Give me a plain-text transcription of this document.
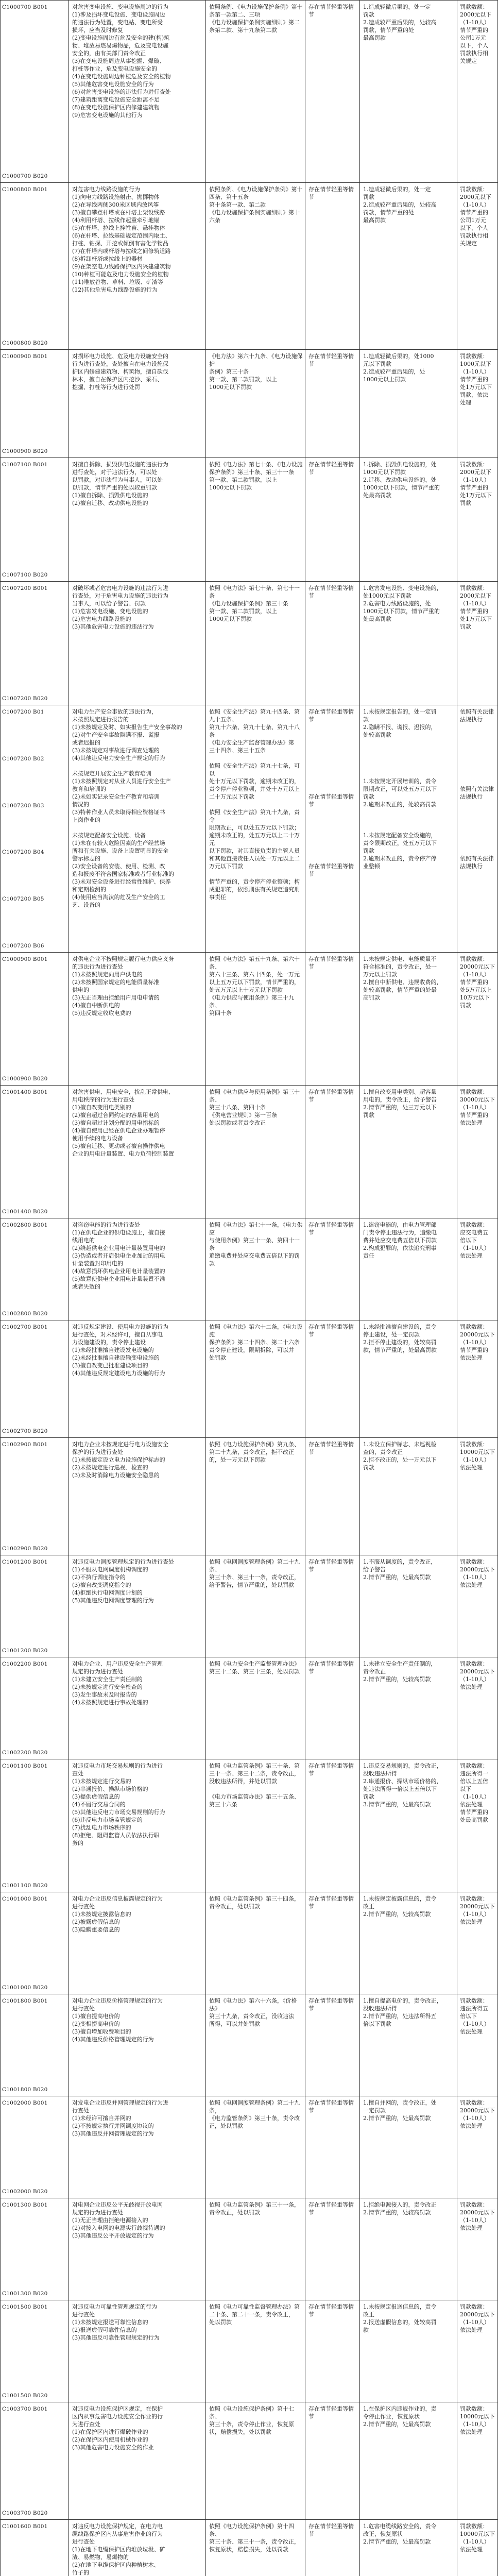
C1000700 B001
C1000700 B020
对危害变电设施、变电设施周边的行为
(1)涉及损坏变电设施、变电设施周边
的违法行为处置，变电站、变电所受
损坏，应当及时修复
(2)变电设施周边有危及安全的建(构)筑
物、堆放易燃易爆物品，危及变电设施
安全的，由有关部门责令改正
(3)在变电设施周边从事挖掘、爆破、
打桩等作业，危及变电设施安全的
(4)在变电设施周边种植危及安全的植物
(5)其他危害变电设施安全的行为
(6)对危害变电设施的违法行为进行查处
(7)建筑距离变电设施安全距离不足
(8)在变电设施保护区内修建建筑物
(9)危害变电设施的其他行为
依照条例、《电力设施保护条例》第十条第一款第二、三项
《电力设施保护条例实施细则》第二条第二款、第十九条第二款
存在情节轻重等情节
1.造成轻微后果的，处一定
罚款
2.造成较严重后果的，处较高
罚款，情节严重的处
最高罚款
罚款数额：
2000元以下
（1-10人）
情节严重的
公司1万元
以下，个人
罚款执行相
关规定
C1000800 B001
C1000800 B020
对危害电力线路设施的行为
(1)向电力线路设施射击、抛掷物体
(2)在导线两侧300米区域内放风筝
(3)擅自攀登杆塔或在杆塔上架设线路
(4)利用杆塔、拉线作起重牵引地锚
(5)在杆塔、拉线上拴牲畜、悬挂物体
(6)在杆塔、拉线基础规定范围内取土、
打桩、钻探、开挖或倾倒有害化学物品
(7)在杆塔内或杆塔与拉线之间修筑道路
(8)拆卸杆塔或拉线上的器材
(9)在架空电力线路保护区内兴建建筑物
(10)种植可能危及电力设施安全的植物
(11)堆放谷物、草料、垃圾、矿渣等
(12)其他危害电力线路设施的行为
依照条例、《电力设施保护条例》第十四条、第十五条
第十条第一款、第二款
《电力设施保护条例实施细则》第十六条
存在情节轻重等情节
1.造成轻微后果的，处一定
罚款
2.造成较严重后果的，处较高
罚款，情节严重的处
最高罚款
罚款数额：
2000元以下
（1-10人）
情节严重的
公司1万元
以下，个人
罚款执行相
关规定
C1000900 B001
C1000900 B020
对损坏电力设施、危及电力设施安全的
行为进行查处，查处擅自在电力设施保
护区内修建建筑物、构筑物，擅自砍伐
林木，擅自在保护区内挖沙、采石、
挖掘、打桩等行为进行处罚
《电力法》第六十九条、《电力设施保护
条例》第三十条
第一款、第二款罚款，以上
1000元以下罚款
存在情节轻重等情节
1.造成轻微后果的，处1000
元以下罚款
2.造成较严重后果的，处
1000元以上罚款
罚款数额：
1000元以下
（1-10人）
情节严重的
处1万元以下
罚款，依法
处理
C1007100 B001
C1007100 B020
对擅自拆除、损毁供电设施的违法行为
进行查处，对于违法行为，可以处
以罚款，对违法行为当事人，可以处
以罚款，情节严重的处以较重罚款
(1)擅自拆除、损毁供电设施的
(2)擅自迁移、改动供电设施的
依照《电力法》第七十条、《电力设施
保护条例》第三十条、第三十一条
第一款、第二款罚款，以上
1000元以下罚款
存在情节轻重等情节
1.拆除、损毁供电设施的，处
1000元以下罚款
2.迁移、改动供电设施的，处
1000元以下罚款，情节严重的
处最高罚款
罚款数额：
2000元以下
（1-10人）
情节严重的
处1万元以下
罚款
C1007200 B001
C1007200 B020
对破坏或者危害电力设施的违法行为进
行查处，对于危害电力设施的违法行为
当事人，可以给予警告、罚款
(1)危害发电设施、变电设施的
(2)危害电力线路设施的
(3)其他危害电力设施的违法行为
依照《电力法》第七十条、第七十一条
《电力设施保护条例》第三十条
第一款、第二款罚款，以上
1000元以下罚款
存在情节轻重等情节
1.危害发电设施、变电设施的，
处1000元以下罚款
2.危害电力线路设施的，处
1000元以下罚款，情节严重的
处最高罚款
罚款数额：
2000元以下
（1-10人）
情节严重的
处1万元以下
罚款
C1007200 B01
C1007200 B02
C1007200 B03
C1007200 B04
C1007200 B05
C1007200 B06
对电力生产安全事故的违法行为，
未按照规定进行报告的
(1)未按规定及时、如实报告生产安全事故的
(2)对生产安全事故隐瞒不报、谎报
或者迟报的
(3)未按规定对事故进行调查处理的
(4)其他违反电力安全生产规定的行为

未按规定开展安全生产教育培训
(1)未按照规定对从业人员进行安全生产
教育和培训的
(2)未如实记录安全生产教育和培训
情况的
(3)特种作业人员未取得相应资格证书
上岗作业的

未按规定配备安全设施、设备
(1)未在有较大危险因素的生产经营场
所和有关设施、设备上设置明显的安全
警示标志的
(2)安全设备的安装、使用、检测、改
造和报废不符合国家标准或者行业标准的
(3)未对安全设备进行经常性维护、保养
和定期检测的
(4)使用应当淘汰的危及生产安全的工
艺、设备的
依照《安全生产法》第九十四条、第九十五条、
第九十六条、第九十七条、第九十八条
《电力安全生产监督管理办法》第
三十四条、第三十五条

依照《安全生产法》第九十七条，可以
处十万元以下罚款，逾期未改正的，
责令停产停业整顿，并处十万元以上
二十万元以下罚款

依照《安全生产法》第九十九条，责令
限期改正，可以处五万元以下罚款；
逾期未改正的，处五万元以上二十万元
以下罚款，对其直接负责的主管人员
和其他直接责任人员处一万元以上二
万元以下罚款

情节严重的，责令停产停业整顿；构
成犯罪的，依照刑法有关规定追究刑
事责任
存在情节轻重等情节

存在情节轻重等情节

存在情节轻重等情节
1.未按规定报告的，处一定罚
款
2.隐瞒不报、谎报、迟报的，
处较高罚款

1.未按规定开展培训的，责令
限期改正，可以处五万元以下
罚款
2.逾期未改正的，处较高罚款

1.未按规定配备安全设施的，
责令限期改正，处五万元以下
罚款
2.逾期未改正的，责令停产停
业整顿
依照有关法律
法规执行

依照有关法律
法规执行

依照有关法律
法规执行
C1000900 B001
C1000900 B020
对供电企业不按照规定履行电力供应义务
的违法行为进行查处
(1)未按照规定向用户供电的
(2)未按照国家规定的电能质量标准
供电的
(3)无正当理由拒绝用户用电申请的
(4)擅自中断供电的
(5)违反规定收取电费的
依照《电力法》第五十九条、第六十条、
第六十三条、第六十四条，处一万元
以上五万元以下罚款，情节严重的，
处五万元以上十万元以下罚款
《电力供应与使用条例》第三十九条、
第四十条
存在情节轻重等情节
1.未按规定供电、电能质量不
符合标准的，责令改正，处一
万元以上罚款
2.擅自中断供电、违规收费的，
处较高罚款，情节严重的处最
高罚款
罚款数额：
20000元以下
（1-10人）
情节严重的
处5万元以上
10万元以下
罚款
C1001400 B001
C1001400 B020
对危害供电、用电安全，扰乱正常供电、
用电秩序的行为进行查处
(1)擅自改变用电类别的
(2)擅自超过合同约定的容量用电的
(3)擅自超过计划分配的用电指标的
(4)擅自使用已经在供电企业办理暂停
使用手续的电力设备
(5)擅自迁移、更动或者擅自操作供电
企业的用电计量装置、电力负荷控制装置
依照《电力供应与使用条例》第三十条、
第三十八条、第四十条
《供电营业规则》第一百条
处以罚款或者责令改正
存在情节轻重等情节
1.擅自改变用电类别、超容量
用电的，责令改正，给予警告
2.情节严重的，处三万元以下
罚款
罚款数额：
30000元以下
（1-10人）
情节严重的
依法处理
C1002800 B001
C1002800 B020
对盗窃电能的行为进行查处
(1)在供电企业的供电设施上，擅自接
线用电的
(2)绕越供电企业用电计量装置用电的
(3)伪造或者开启供电企业加封的用电
计量装置封印用电的
(4)故意损坏供电企业用电计量装置的
(5)故意使供电企业用电计量装置不准
或者失效的
依照《电力法》第七十一条，《电力供应
与使用条例》第三十一条、第四十一条
追缴电费并处应交电费五倍以下的罚款
存在情节轻重等情节
1.盗窃电能的，由电力管理部
门责令停止违法行为，追缴电
费并处应交电费五倍以下罚款
2.构成犯罪的，依法追究刑事
责任
罚款数额：
应交电费五
倍以下
（1-10人）
依法处理
C1002700 B001
C1002700 B020
对违反规定建设、使用电力设施的行为
进行查处，对未经许可，擅自从事电
力设施建设的，责令停止建设
(1)未经批准擅自建设发电设施的
(2)未经批准擅自建设输变电设施的
(3)擅自改变已批准建设项目的
(4)其他违反规定建设电力设施的行为
依照《电力法》第六十二条，《电力设施
保护条例》第二十四条、第二十六条
责令停止建设，限期拆除，可以并
处罚款
存在情节轻重等情节
1.未经批准擅自建设的，责令
停止建设，处一定罚款
2.拒不停止建设的，处较高罚
款，情节严重的，处最高罚款
罚款数额：
20000元以下
（1-10人）
情节严重的
依法处理
C1002900 B001
C1002900 B020
对电力企业未按规定进行电力设施安全
保护的行为进行查处
(1)未按规定设立电力设施保护标志的
(2)未按规定进行巡视、检查的
(3)未及时消除电力设施安全隐患的
依照《电力设施保护条例》第九条、
第二十九条，责令改正，拒不改正
的，处一万元以下罚款
存在情节轻重等情节
1.未设立保护标志、未巡视检
查的，责令改正
2.拒不改正的，处一万元以下
罚款
罚款数额：
10000元以下
（1-10人）
依法处理
C1001200 B001
C1001200 B020
对违反电力调度管理规定的行为进行查处
(1)不服从电网调度机构调度的
(2)不执行调度指令的
(3)擅自改变调度指令的
(4)拒绝执行电网调度计划的
(5)其他违反电网调度管理的行为
依照《电网调度管理条例》第二十九条、
第三十条、第三十一条，责令改正，
给予警告，情节严重的，处以罚款
存在情节轻重等情节
1.不服从调度的，责令改正，
给予警告
2.情节严重的，处最高罚款
罚款数额：
20000元以下
（1-10人）
依法处理
C1002200 B001
C1002200 B020
对电力企业、用户违反安全生产管理
规定的行为进行查处
(1)未建立安全生产责任制的
(2)未按规定进行安全检查的
(3)发生事故未及时报告的
(4)未按照规定进行事故处理的
依照《电力安全生产监督管理办法》
第三十二条、第三十三条，处以罚款
存在情节轻重等情节
1.未建立安全生产责任制的，
责令改正
2.情节严重的，处较高罚款
罚款数额：
20000元以下
（1-10人）
依法处理
C1001100 B001
C1001100 B020
对违反电力市场交易规则的行为进行
查处
(1)未按规定进行交易的
(2)串通报价、操纵市场价格的
(3)提供虚假信息的
(4)不履行交易合同的
(5)其他违反电力市场交易规则的行为
(6)违反电力市场监管规定的
(7)扰乱电力市场秩序的
(8)拒绝、阻碍监管人员依法执行职
务的
依照《电力监管条例》第三十条、第
三十一条、第三十二条，责令改正，
没收违法所得，并处以罚款

《电力市场监管办法》第三十五条、
第三十六条
存在情节轻重等情节
1.违反交易规则的，责令改正，
没收违法所得
2.串通报价、操纵市场价格的，
处违法所得一倍以上五倍以下
罚款
3.情节严重的，处最高罚款
罚款数额：
违法所得一
倍以上五倍
以下
（1-10人）
依法处理
情节严重的
处最高罚款
C1001000 B001
C1001000 B020
对电力企业违反信息披露规定的行为
进行查处
(1)未按规定披露信息的
(2)披露虚假信息的
(3)隐瞒重要信息的
依照《电力监管条例》第三十四条，
责令改正，处以罚款
存在情节轻重等情节
1.未按规定披露信息的，责令
改正
2.情节严重的，处较高罚款
罚款数额：
20000元以下
（1-10人）
依法处理
C1001800 B001
C1001800 B020
对电力企业违反价格管理规定的行为
进行查处
(1)擅自提高电价的
(2)变相提高电价的
(3)擅自增加收费项目的
(4)其他违反价格管理规定的行为
依照《电力法》第六十六条，《价格法》
第三十九条，责令改正，没收违法
所得，可以并处罚款
存在情节轻重等情节
1.擅自提高电价的，责令改正，
没收违法所得
2.情节严重的，处违法所得五
倍以下罚款
罚款数额：
违法所得五
倍以下
（1-10人）
依法处理
C1002000 B001
C1002000 B020
对发电企业违反并网管理规定的行为进
行查处
(1)未经许可擅自并网的
(2)不按规定执行并网调度协议的
(3)其他违反并网管理规定的行为
依照《电网调度管理条例》第二十九条，
《电力监管条例》第三十条，责令改
正，处以罚款
存在情节轻重等情节
1.擅自并网的，责令改正，处
一定罚款
2.情节严重的，处最高罚款
罚款数额：
20000元以下
（1-10人）
依法处理
C1001300 B001
C1001300 B020
对电网企业违反公平无歧视开放电网
规定的行为进行查处
(1)无正当理由拒绝电源接入的
(2)对接入电网的电源实行歧视待遇的
(3)其他违反公平开放规定的行为
依照《电力监管条例》第三十一条，
责令改正，处以罚款
存在情节轻重等情节
1.拒绝电源接入的，责令改正
2.情节严重的，处较高罚款
罚款数额：
20000元以下
（1-10人）
依法处理
C1001500 B001
C1001500 B020
对违反电力可靠性管理规定的行为
进行查处
(1)未按规定报送可靠性信息的
(2)报送虚假可靠性信息的
(3)其他违反可靠性管理规定的行为
依照《电力可靠性监督管理办法》第
二十条、第二十一条，责令改正，
处以罚款
存在情节轻重等情节
1.未按规定报送信息的，责令
改正
2.报送虚假信息的，处较高罚
款
罚款数额：
20000元以下
（1-10人）
依法处理
C1003700 B001
C1003700 B020
对违反电力设施保护区规定，在保护
区内从事危害电力设施安全作业的行
为进行查处
(1)在保护区内进行爆破作业的
(2)在保护区内使用机械作业的
(3)其他危害电力设施安全的作业
依照《电力设施保护条例》第十七条、
第三十条，责令停止作业，恢复原
状，赔偿损失，处以罚款
存在情节轻重等情节
1.在保护区内违规作业的，责
令停止作业，恢复原状
2.情节严重的，处最高罚款
罚款数额：
10000元以下
（1-10人）
依法处理
C1001600 B001	对违反电力设施保护规定，在电力电
缆线路保护区内从事危害作业的行为
进行查处
(1)在地下电缆保护区内堆放垃圾、矿
渣、易燃物、易爆物的
(2)在地下电缆保护区内种植树木、
竹子的

依照《电力设施保护条例》第十四条、
第三十条、第三十一条，责令改正，
恢复原状，赔偿损失，处以罚款
存在情节轻重等情节
1.危害电缆线路安全的，责令
改正，恢复原状
2.情节严重的，处最高罚款
罚款数额：
10000元以下
（1-10人）
依法处理
